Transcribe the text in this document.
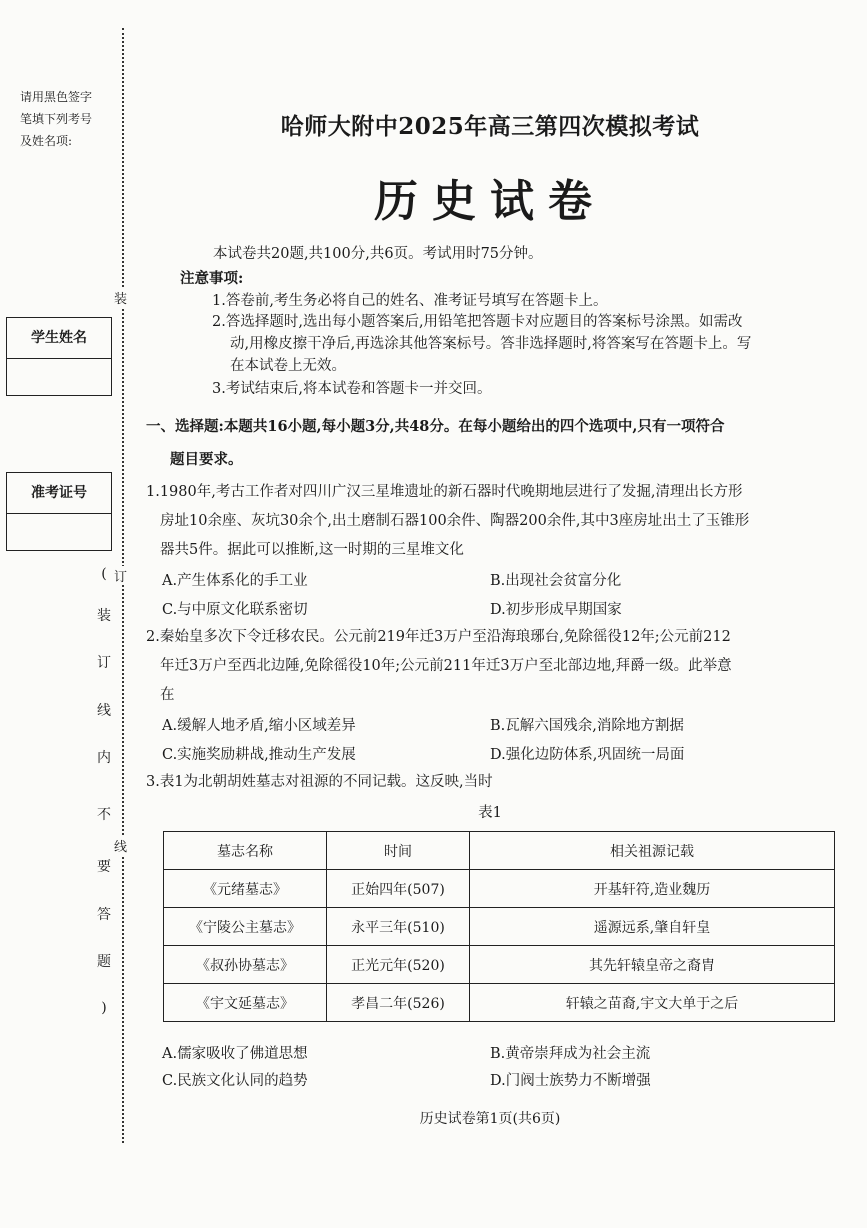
请用黑色签字
笔填下列考号
及姓名项:
装
订
线
学生姓名
准考证号
(
装
订
线
内
不
要
答
题
)
哈师大附中2025年高三第四次模拟考试
历史试卷
本试卷共20题,共100分,共6页。考试用时75分钟。
注意事项:
1.答卷前,考生务必将自己的姓名、准考证号填写在答题卡上。
2.答选择题时,选出每小题答案后,用铅笔把答题卡对应题目的答案标号涂黑。如需改
动,用橡皮擦干净后,再选涂其他答案标号。答非选择题时,将答案写在答题卡上。写
在本试卷上无效。
3.考试结束后,将本试卷和答题卡一并交回。
一、选择题:本题共16小题,每小题3分,共48分。在每小题给出的四个选项中,只有一项符合
题目要求。
1.1980年,考古工作者对四川广汉三星堆遗址的新石器时代晚期地层进行了发掘,清理出长方形
房址10余座、灰坑30余个,出土磨制石器100余件、陶器200余件,其中3座房址出土了玉锥形
器共5件。据此可以推断,这一时期的三星堆文化
A.产生体系化的手工业	B.出现社会贫富分化
C.与中原文化联系密切	D.初步形成早期国家
2.秦始皇多次下令迁移农民。公元前219年迁3万户至沿海琅琊台,免除徭役12年;公元前212
年迁3万户至西北边陲,免除徭役10年;公元前211年迁3万户至北部边地,拜爵一级。此举意
在
A.缓解人地矛盾,缩小区域差异	B.瓦解六国残余,消除地方割据
C.实施奖励耕战,推动生产发展	D.强化边防体系,巩固统一局面
3.表1为北朝胡姓墓志对祖源的不同记载。这反映,当时
表1
墓志名称	时间	相关祖源记载
《元绪墓志》	正始四年(507)	开基轩符,造业魏历
《宁陵公主墓志》	永平三年(510)	遥源远系,肇自轩皇
《叔孙协墓志》	正光元年(520)	其先轩辕皇帝之裔胄
《宇文延墓志》	孝昌二年(526)	轩辕之苗裔,宇文大单于之后
A.儒家吸收了佛道思想	B.黄帝崇拜成为社会主流
C.民族文化认同的趋势	D.门阀士族势力不断增强
历史试卷第1页(共6页)
